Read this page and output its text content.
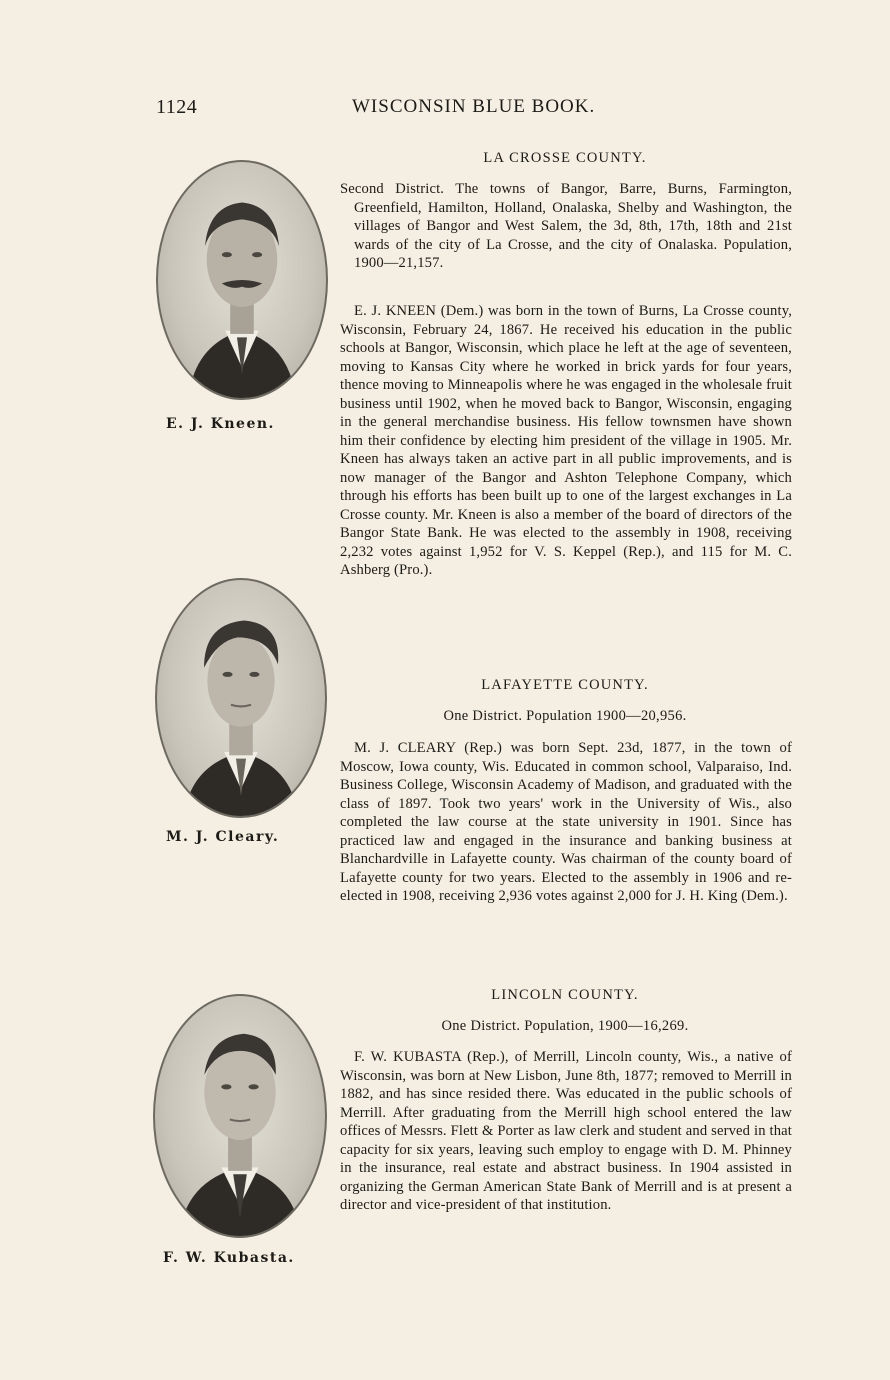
1124	WISCONSIN BLUE BOOK.
LA CROSSE COUNTY.
E. J. Kneen.
Second District. The towns of Bangor, Barre, Burns, Farmington, Greenfield, Hamilton, Holland, Onalaska, Shelby and Washington, the villages of Bangor and West Salem, the 3d, 8th, 17th, 18th and 21st wards of the city of La Crosse, and the city of Onalaska. Population, 1900—21,157.
E. J. KNEEN (Dem.) was born in the town of Burns, La Crosse county, Wisconsin, February 24, 1867. He received his education in the public schools at Bangor, Wisconsin, which place he left at the age of seventeen, moving to Kansas City where he worked in brick yards for four years, thence moving to Minneapolis where he was engaged in the wholesale fruit business until 1902, when he moved back to Bangor, Wisconsin, engaging in the general merchandise business. His fellow townsmen have shown him their confidence by electing him president of the village in 1905. Mr. Kneen has always taken an active part in all public improvements, and is now manager of the Bangor and Ashton Telephone Company, which through his efforts has been built up to one of the largest exchanges in La Crosse county. Mr. Kneen is also a member of the board of directors of the Bangor State Bank. He was elected to the assembly in 1908, receiving 2,232 votes against 1,952 for V. S. Keppel (Rep.), and 115 for M. C. Ashberg (Pro.).
LAFAYETTE COUNTY.
One District. Population 1900—20,956.
M. J. Cleary.
M. J. CLEARY (Rep.) was born Sept. 23d, 1877, in the town of Moscow, Iowa county, Wis. Educated in common school, Valparaiso, Ind. Business College, Wisconsin Academy of Madison, and graduated with the class of 1897. Took two years' work in the University of Wis., also completed the law course at the state university in 1901. Since has practiced law and engaged in the insurance and banking business at Blanchardville in Lafayette county. Was chairman of the county board of Lafayette county for two years. Elected to the assembly in 1906 and re-elected in 1908, receiving 2,936 votes against 2,000 for J. H. King (Dem.).
LINCOLN COUNTY.
One District. Population, 1900—16,269.
F. W. Kubasta.
F. W. KUBASTA (Rep.), of Merrill, Lincoln county, Wis., a native of Wisconsin, was born at New Lisbon, June 8th, 1877; removed to Merrill in 1882, and has since resided there. Was educated in the public schools of Merrill. After graduating from the Merrill high school entered the law offices of Messrs. Flett & Porter as law clerk and student and served in that capacity for six years, leaving such employ to engage with D. M. Phinney in the insurance, real estate and abstract business. In 1904 assisted in organizing the German American State Bank of Merrill and is at present a director and vice-president of that institution.
